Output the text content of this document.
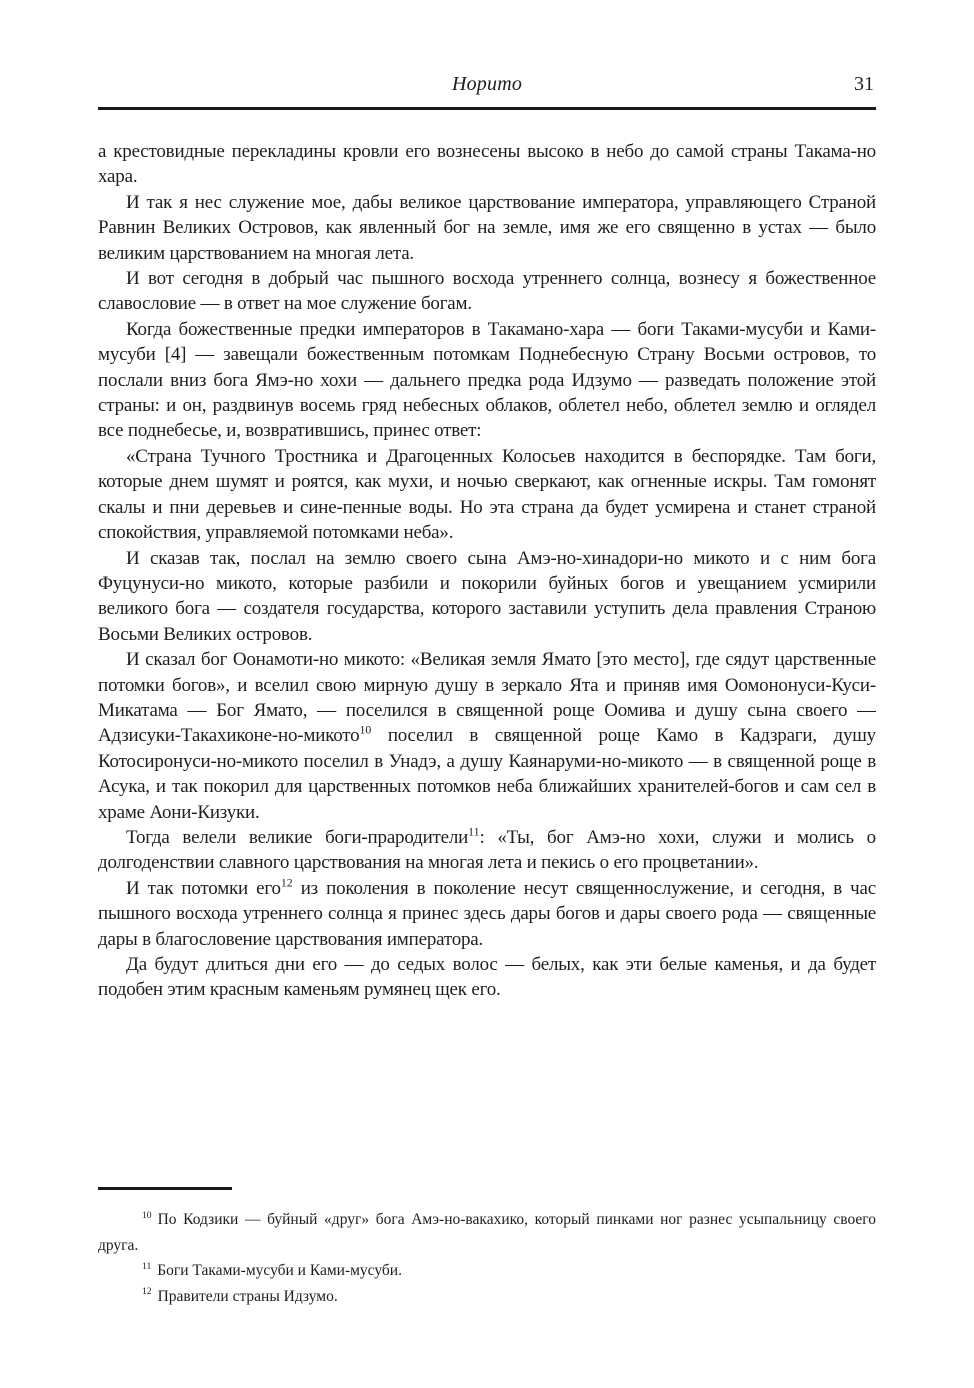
Норито	31

а крестовидные перекладины кровли его вознесены высоко в небо до самой страны Такама-но хара.

И так я нес служение мое, дабы великое царствование императора, управляющего Страной Равнин Великих Островов, как явленный бог на земле, имя же его священно в устах — было великим царствованием на многая лета.

И вот сегодня в добрый час пышного восхода утреннего солнца, вознесу я божественное славословие — в ответ на мое служение богам.

Когда божественные предки императоров в Такамано-хара — боги Таками-мусуби и Ками-мусуби [4] — завещали божественным потомкам Поднебесную Страну Восьми островов, то послали вниз бога Ямэ-но хохи — дальнего предка рода Идзумо — разведать положение этой страны: и он, раздвинув восемь гряд небесных облаков, облетел небо, облетел землю и оглядел все поднебесье, и, возвратившись, принес ответ:

«Страна Тучного Тростника и Драгоценных Колосьев находится в беспорядке. Там боги, которые днем шумят и роятся, как мухи, и ночью сверкают, как огненные искры. Там гомонят скалы и пни деревьев и сине-пенные воды. Но эта страна да будет усмирена и станет страной спокойствия, управляемой потомками неба».

И сказав так, послал на землю своего сына Амэ-но-хинадори-но микото и с ним бога Фуцунуси-но микото, которые разбили и покорили буйных богов и увещанием усмирили великого бога — создателя государства, которого заставили уступить дела правления Страною Восьми Великих островов.

И сказал бог Оонамоти-но микото: «Великая земля Ямато [это место], где сядут царственные потомки богов», и вселил свою мирную душу в зеркало Ята и приняв имя Оомононуси-Куси-Микатама — Бог Ямато, — поселился в священной роще Оомива и душу сына своего — Адзисуки-Такахиконе-но-микото$^{10}$ поселил в священной роще Камо в Кадзраги, душу Котосиронуси-но-микото поселил в Унадэ, а душу Каянаруми-но-микото — в священной роще в Асука, и так покорил для царственных потомков неба ближайших хранителей-богов и сам сел в храме Аони-Кизуки.

Тогда велели великие боги-прародители$^{11}$: «Ты, бог Амэ-но хохи, служи и молись о долгоденствии славного царствования на многая лета и пекись о его процветании».

И так потомки его$^{12}$ из поколения в поколение несут священнослужение, и сегодня, в час пышного восхода утреннего солнца я принес здесь дары богов и дары своего рода — священные дары в благословение царствования императора.

Да будут длиться дни его — до седых волос — белых, как эти белые каменья, и да будет подобен этим красным каменьям румянец щек его.

$^{10}$ По Кодзики — буйный «друг» бога Амэ-но-вакахико, который пинками ног разнес усыпальницу своего друга.

$^{11}$ Боги Таками-мусуби и Ками-мусуби.

$^{12}$ Правители страны Идзумо.
